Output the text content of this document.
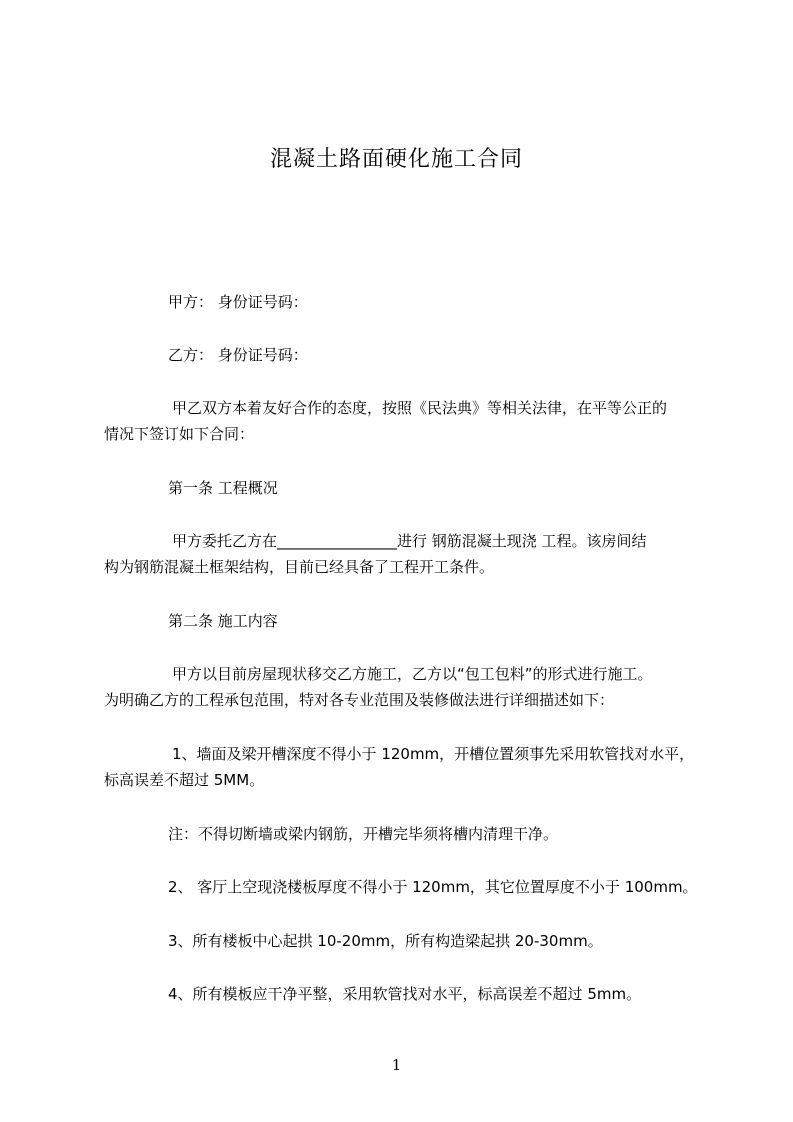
混凝土路面硬化施工合同
甲方： 身份证号码：
乙方： 身份证号码：
甲乙双方本着友好合作的态度，按照《民法典》等相关法律，在平等公正的
情况下签订如下合同：
第一条 工程概况
甲方委托乙方在________________进行 钢筋混凝土现浇 工程。该房间结
构为钢筋混凝土框架结构，目前已经具备了工程开工条件。
第二条 施工内容
甲方以目前房屋现状移交乙方施工，乙方以“包工包料”的形式进行施工。
为明确乙方的工程承包范围，特对各专业范围及装修做法进行详细描述如下：
1、墙面及梁开槽深度不得小于 120mm，开槽位置须事先采用软管找对水平，
标高误差不超过 5MM。
注：不得切断墙或梁内钢筋，开槽完毕须将槽内清理干净。
2、 客厅上空现浇楼板厚度不得小于 120mm，其它位置厚度不小于 100mm。
3、所有楼板中心起拱 10-20mm，所有构造梁起拱 20-30mm。
4、所有模板应干净平整，采用软管找对水平，标高误差不超过 5mm。
1
